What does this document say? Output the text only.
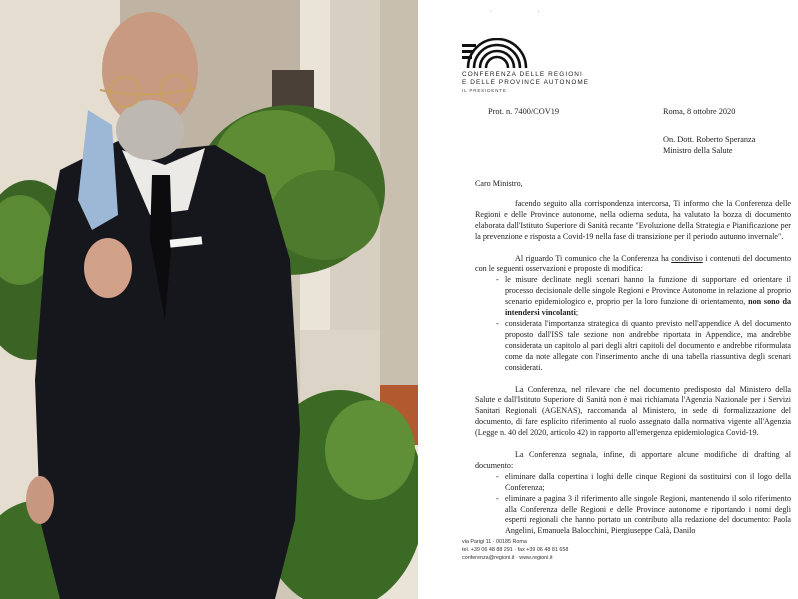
· ·
CONFERENZA DELLE REGIONI
E DELLE PROVINCE AUTONOME
IL PRESIDENTE
Prot. n. 7400/COV19	Roma, 8 ottobre 2020
On. Dott. Roberto Speranza
Ministro della Salute

Caro Ministro,

facendo seguito alla corrispondenza intercorsa, Ti informo che la Conferenza delle Regioni e delle Province autonome, nella odierna seduta, ha valutato la bozza di documento elaborata dall'Istituto Superiore di Sanità recante "Evoluzione della Strategia e Pianificazione per la prevenzione e risposta a Covid-19 nella fase di transizione per il periodo autunno invernale".

Al riguardo Ti comunico che la Conferenza ha condiviso i contenuti del documento con le seguenti osservazioni e proposte di modifica:

- le misure declinate negli scenari hanno la funzione di supportare ed orientare il processo decisionale delle singole Regioni e Province Autonome in relazione al proprio scenario epidemiologico e, proprio per la loro funzione di orientamento, non sono da intendersi vincolanti;
- considerata l'importanza strategica di quanto previsto nell'appendice A del documento proposto dall'ISS tale sezione non andrebbe riportata in Appendice, ma andrebbe considerata un capitolo al pari degli altri capitoli del documento e andrebbe riformulata come da note allegate con l'inserimento anche di una tabella riassuntiva degli scenari considerati.

La Conferenza, nel rilevare che nel documento predisposto dal Ministero della Salute e dall'Istituto Superiore di Sanità non è mai richiamata l'Agenzia Nazionale per i Servizi Sanitari Regionali (AGENAS), raccomanda al Ministero, in sede di formalizzazione del documento, di fare esplicito riferimento al ruolo assegnato dalla normativa vigente all'Agenzia (Legge n. 40 del 2020, articolo 42) in rapporto all'emergenza epidemiologica Covid-19.

La Conferenza segnala, infine, di apportare alcune modifiche di drafting al documento:

- eliminare dalla copertina i loghi delle cinque Regioni da sostituirsi con il logo della Conferenza;
- eliminare a pagina 3 il riferimento alle singole Regioni, mantenendo il solo riferimento alla Conferenza delle Regioni e delle Province autonome e riportando i nomi degli esperti regionali che hanno portato un contributo alla redazione del documento: Paola Angelini, Emanuela Balocchini, Piergiuseppe Calà, Danilo
via Parigi 11 · 00185 Roma
tel. +39 06 48 88 291 · fax +39 06 48 81 658
conferenza@regioni.it · www.regioni.it
